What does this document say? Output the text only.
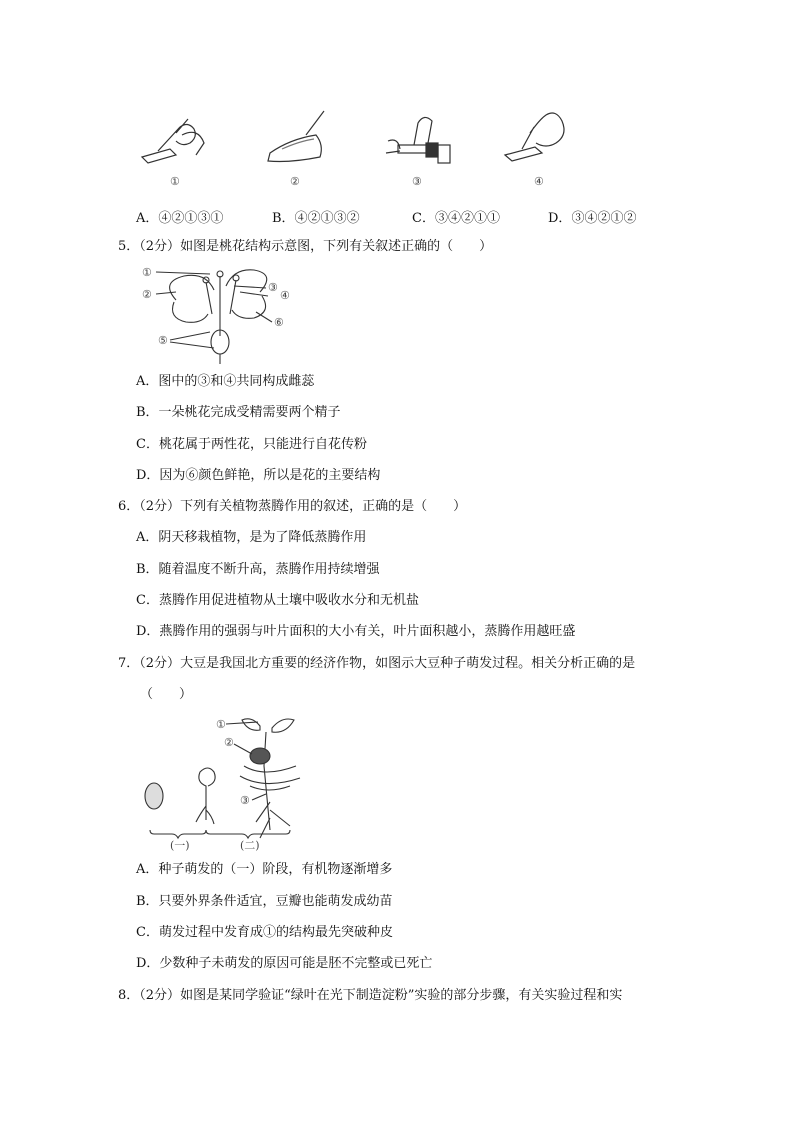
①	②	③	④
A．④②①③①	B．④②①③②	C．③④②①①	D．③④②①②
5．（2分）如图是桃花结构示意图，下列有关叙述正确的（　　）
①
②
③
④
⑤
⑥
A．图中的③和④共同构成雌蕊
B．一朵桃花完成受精需要两个精子
C．桃花属于两性花，只能进行自花传粉
D．因为⑥颜色鲜艳，所以是花的主要结构
6．（2分）下列有关植物蒸腾作用的叙述，正确的是（　　）
A．阴天移栽植物，是为了降低蒸腾作用
B．随着温度不断升高，蒸腾作用持续增强
C．蒸腾作用促进植物从土壤中吸收水分和无机盐
D．燕腾作用的强弱与叶片面积的大小有关，叶片面积越小，蒸腾作用越旺盛
7．（2分）大豆是我国北方重要的经济作物，如图示大豆种子萌发过程。相关分析正确的是
（　　）
①
②
③
(一)	(二)
A．种子萌发的（一）阶段，有机物逐渐增多
B．只要外界条件适宜，豆瓣也能萌发成幼苗
C．萌发过程中发育成①的结构最先突破种皮
D．少数种子未萌发的原因可能是胚不完整或已死亡
8．（2分）如图是某同学验证“绿叶在光下制造淀粉”实验的部分步骤，有关实验过程和实
